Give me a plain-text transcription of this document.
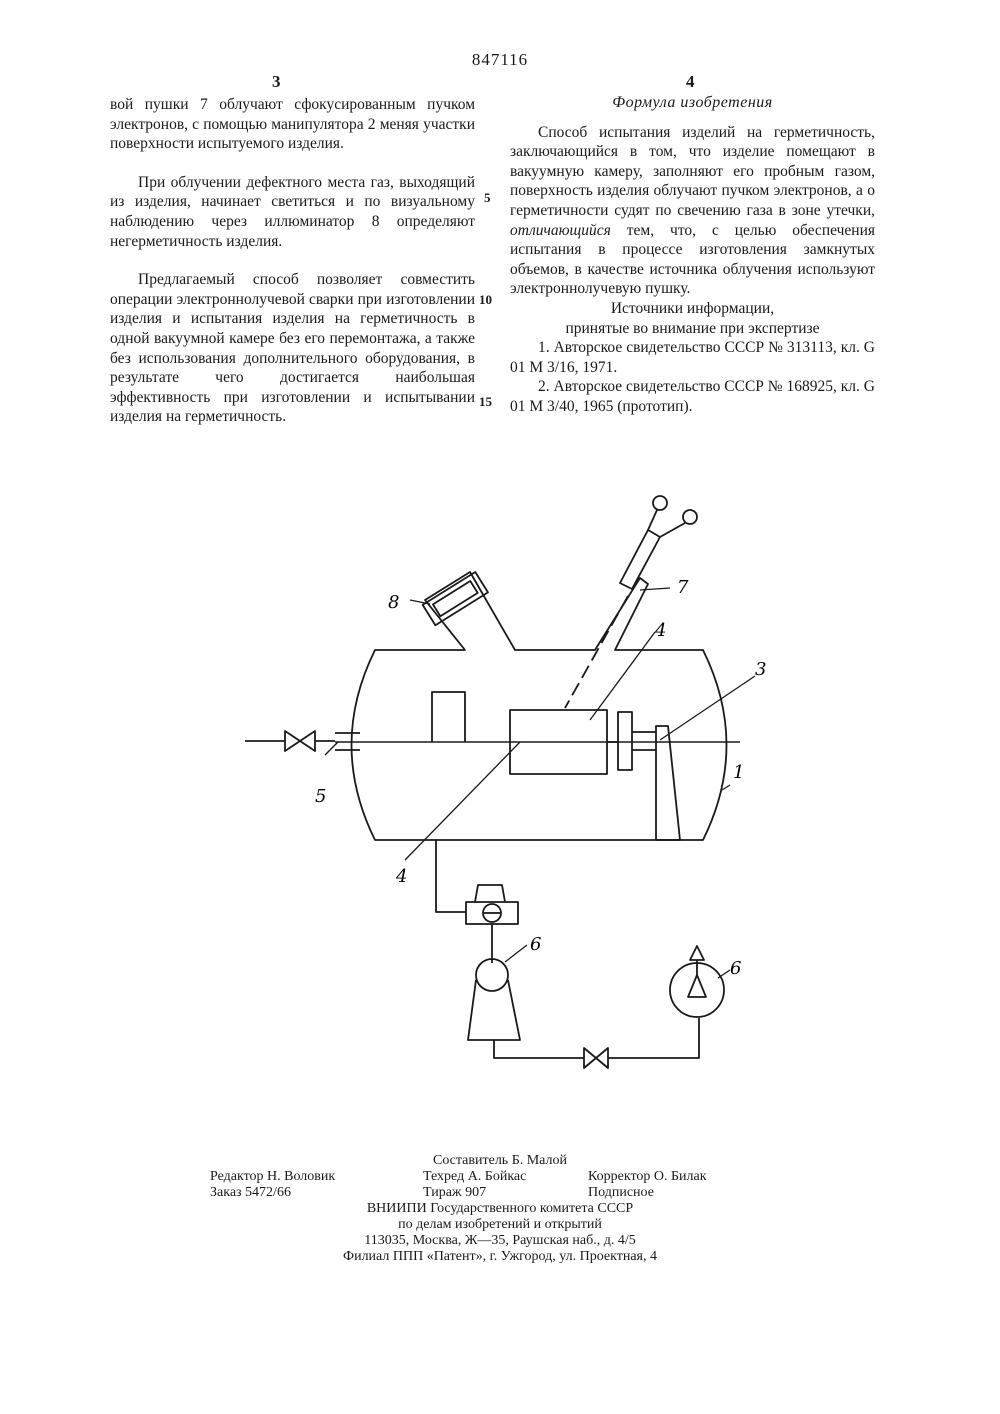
847116
3	4

вой пушки 7 облучают сфокусированным пучком электронов, с помощью манипулятора 2 меняя участки поверхности испытуемого изделия.

При облучении дефектного места газ, выходящий из изделия, начинает светиться и по визуальному наблюдению через иллюминатор 8 определяют негерметичность изделия.

Предлагаемый способ позволяет совместить операции электроннолучевой сварки при изготовлении изделия и испытания изделия на герметичность в одной вакуумной камере без его перемонтажа, а также без использования дополнительного оборудования, в результате чего достигается наибольшая эффективность при изготовлении и испытывании изделия на герметичность.

5
10
15

Формула изобретения

Способ испытания изделий на герметичность, заключающийся в том, что изделие помещают в вакуумную камеру, заполняют его пробным газом, поверхность изделия облучают пучком электронов, а о герметичности судят по свечению газа в зоне утечки, отличающийся тем, что, с целью обеспечения испытания в процессе изготовления замкнутых объемов, в качестве источника облучения используют электроннолучевую пушку.

Источники информации,

принятые во внимание при экспертизе

1. Авторское свидетельство СССР № 313113, кл. G 01 M 3/16, 1971.

2. Авторское свидетельство СССР № 168925, кл. G 01 M 3/40, 1965 (прототип).

8
7
4
3
1
5
4
6
6
Составитель Б. Малой
Редактор Н. Воловик	Техред А. Бойкас	Корректор О. Билак
Заказ 5472/66	Тираж 907	Подписное
ВНИИПИ Государственного комитета СССР
по делам изобретений и открытий
113035, Москва, Ж—35, Раушская наб., д. 4/5
Филиал ППП «Патент», г. Ужгород, ул. Проектная, 4
